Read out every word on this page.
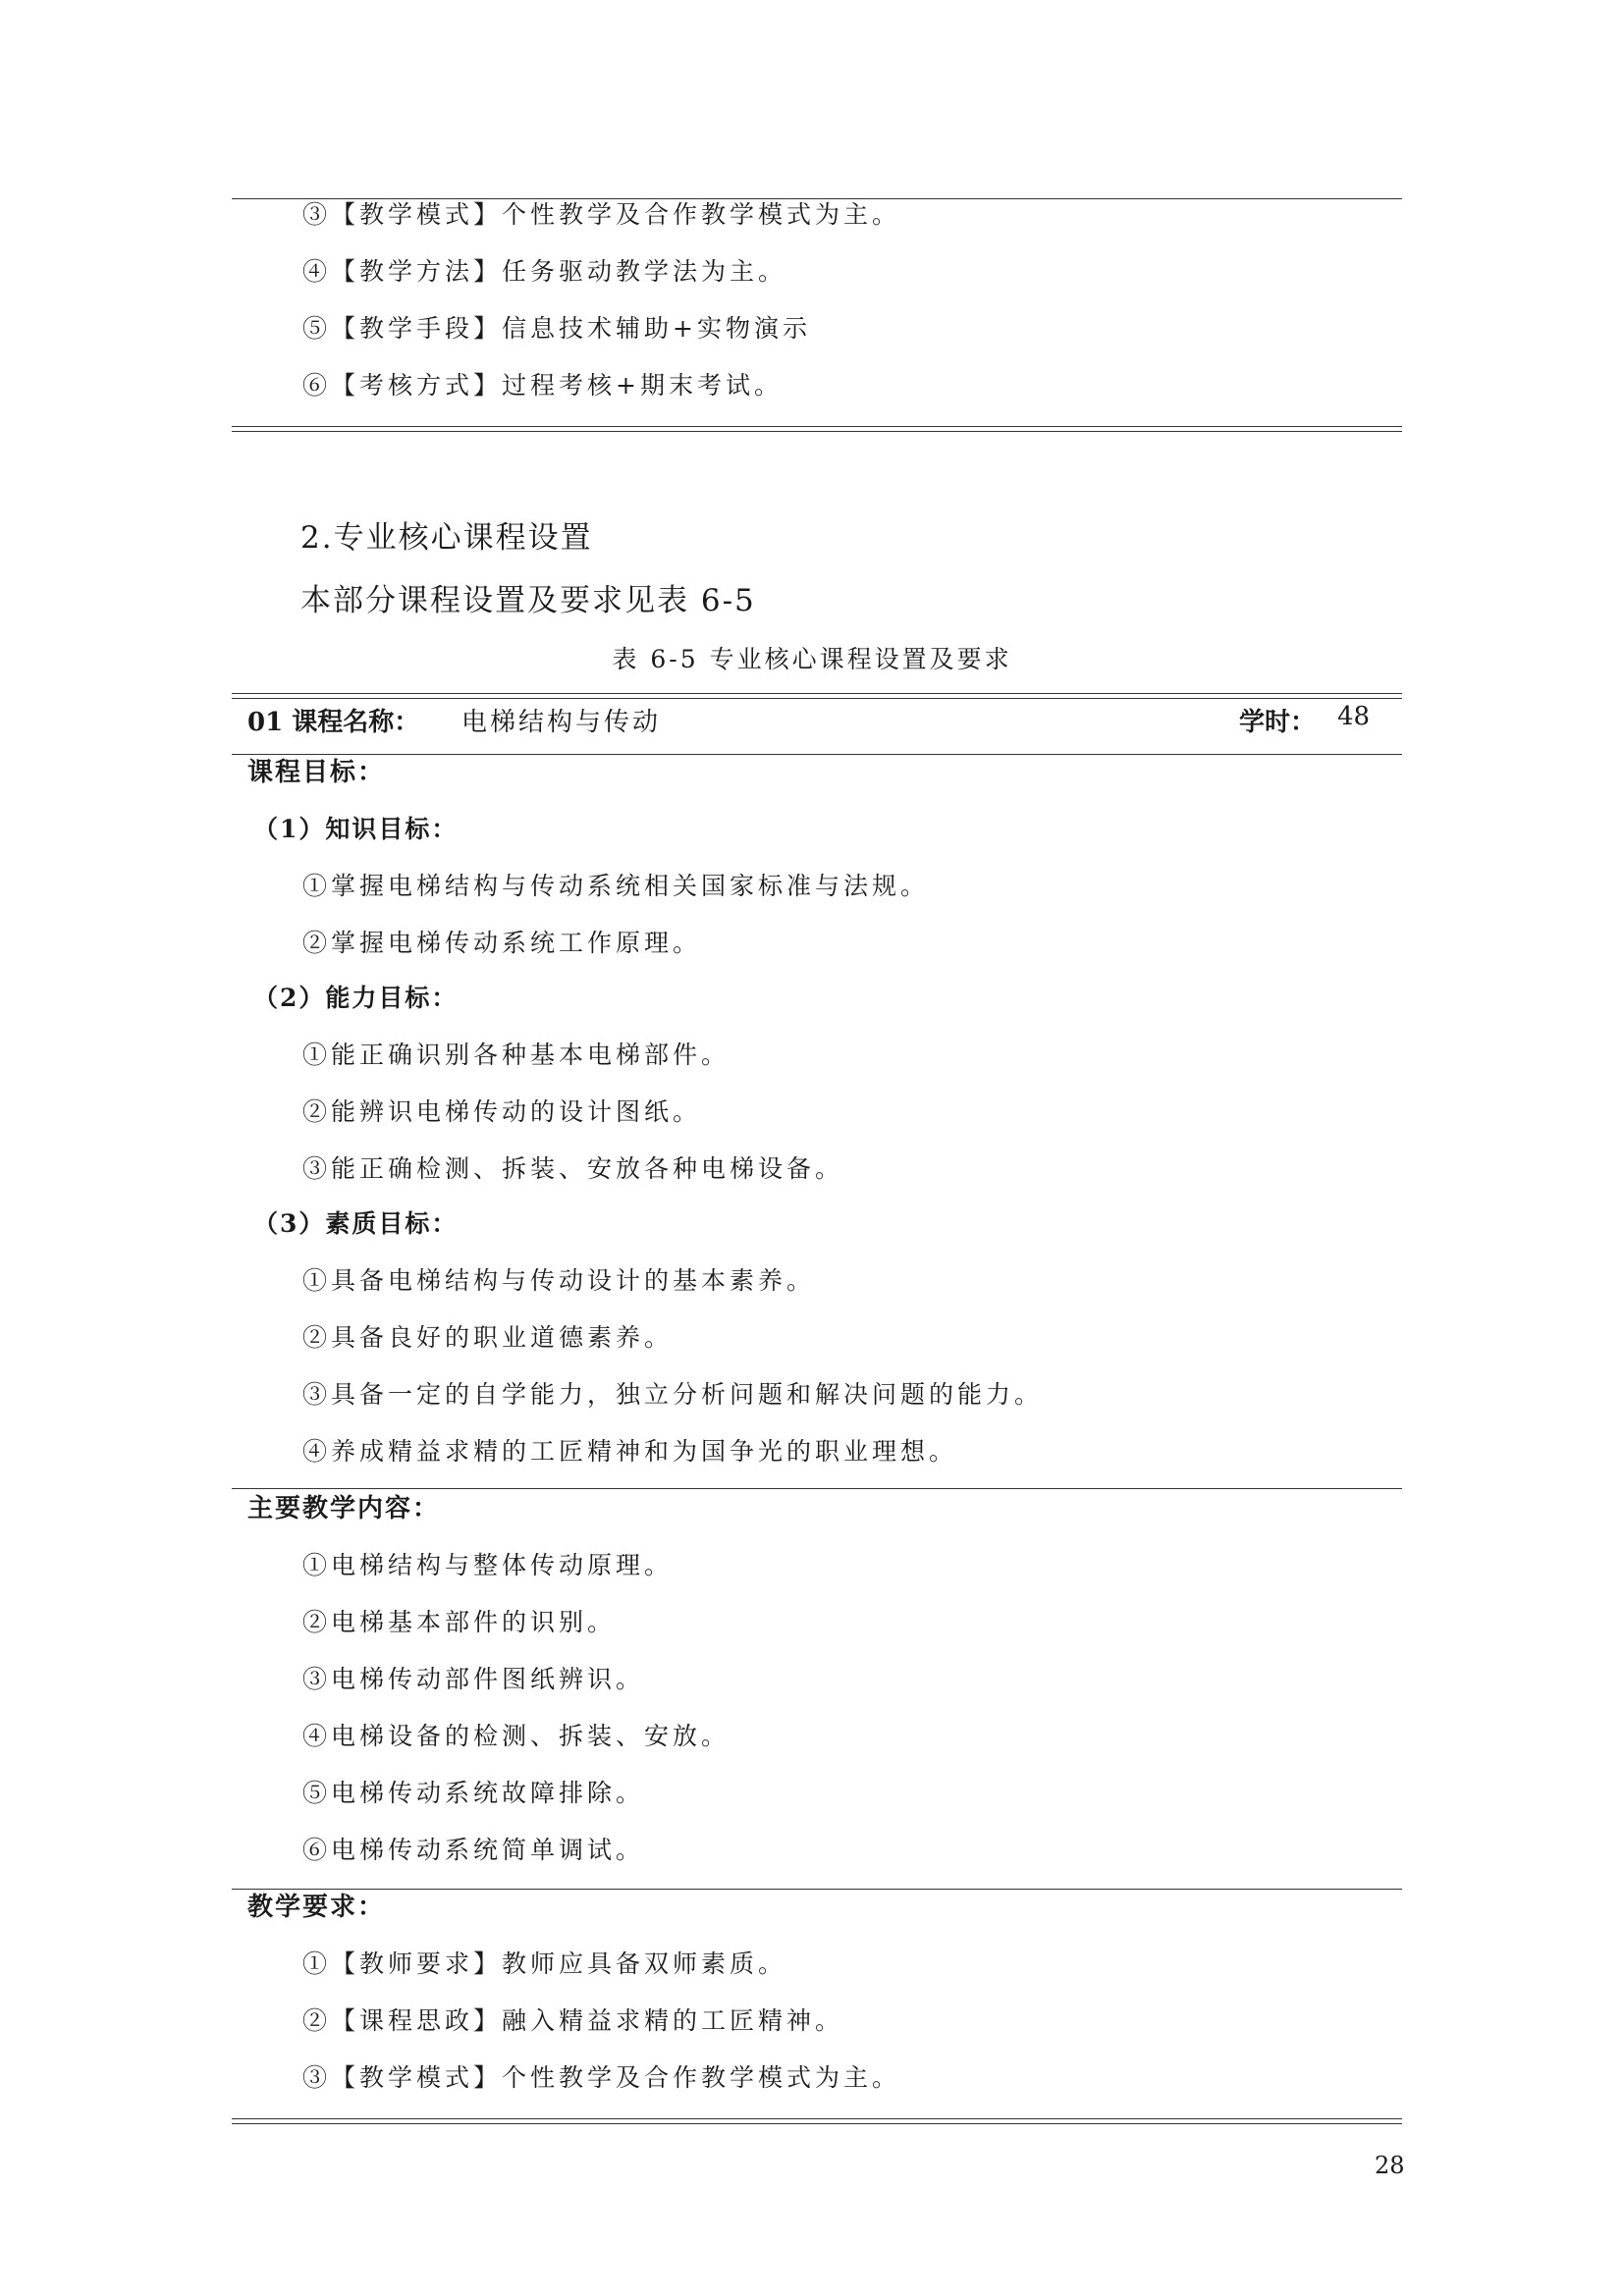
③【教学模式】个性教学及合作教学模式为主。
④【教学方法】任务驱动教学法为主。
⑤【教学手段】信息技术辅助+实物演示
⑥【考核方式】过程考核+期末考试。
2.专业核心课程设置
本部分课程设置及要求见表 6-5
表 6-5 专业核心课程设置及要求
01 课程名称： 电梯结构与传动	学时： 48
课程目标：
（1）知识目标：
①掌握电梯结构与传动系统相关国家标准与法规。
②掌握电梯传动系统工作原理。
（2）能力目标：
①能正确识别各种基本电梯部件。
②能辨识电梯传动的设计图纸。
③能正确检测、拆装、安放各种电梯设备。
（3）素质目标：
①具备电梯结构与传动设计的基本素养。
②具备良好的职业道德素养。
③具备一定的自学能力，独立分析问题和解决问题的能力。
④养成精益求精的工匠精神和为国争光的职业理想。
主要教学内容：
①电梯结构与整体传动原理。
②电梯基本部件的识别。
③电梯传动部件图纸辨识。
④电梯设备的检测、拆装、安放。
⑤电梯传动系统故障排除。
⑥电梯传动系统简单调试。
教学要求：
①【教师要求】教师应具备双师素质。
②【课程思政】融入精益求精的工匠精神。
③【教学模式】个性教学及合作教学模式为主。
28
